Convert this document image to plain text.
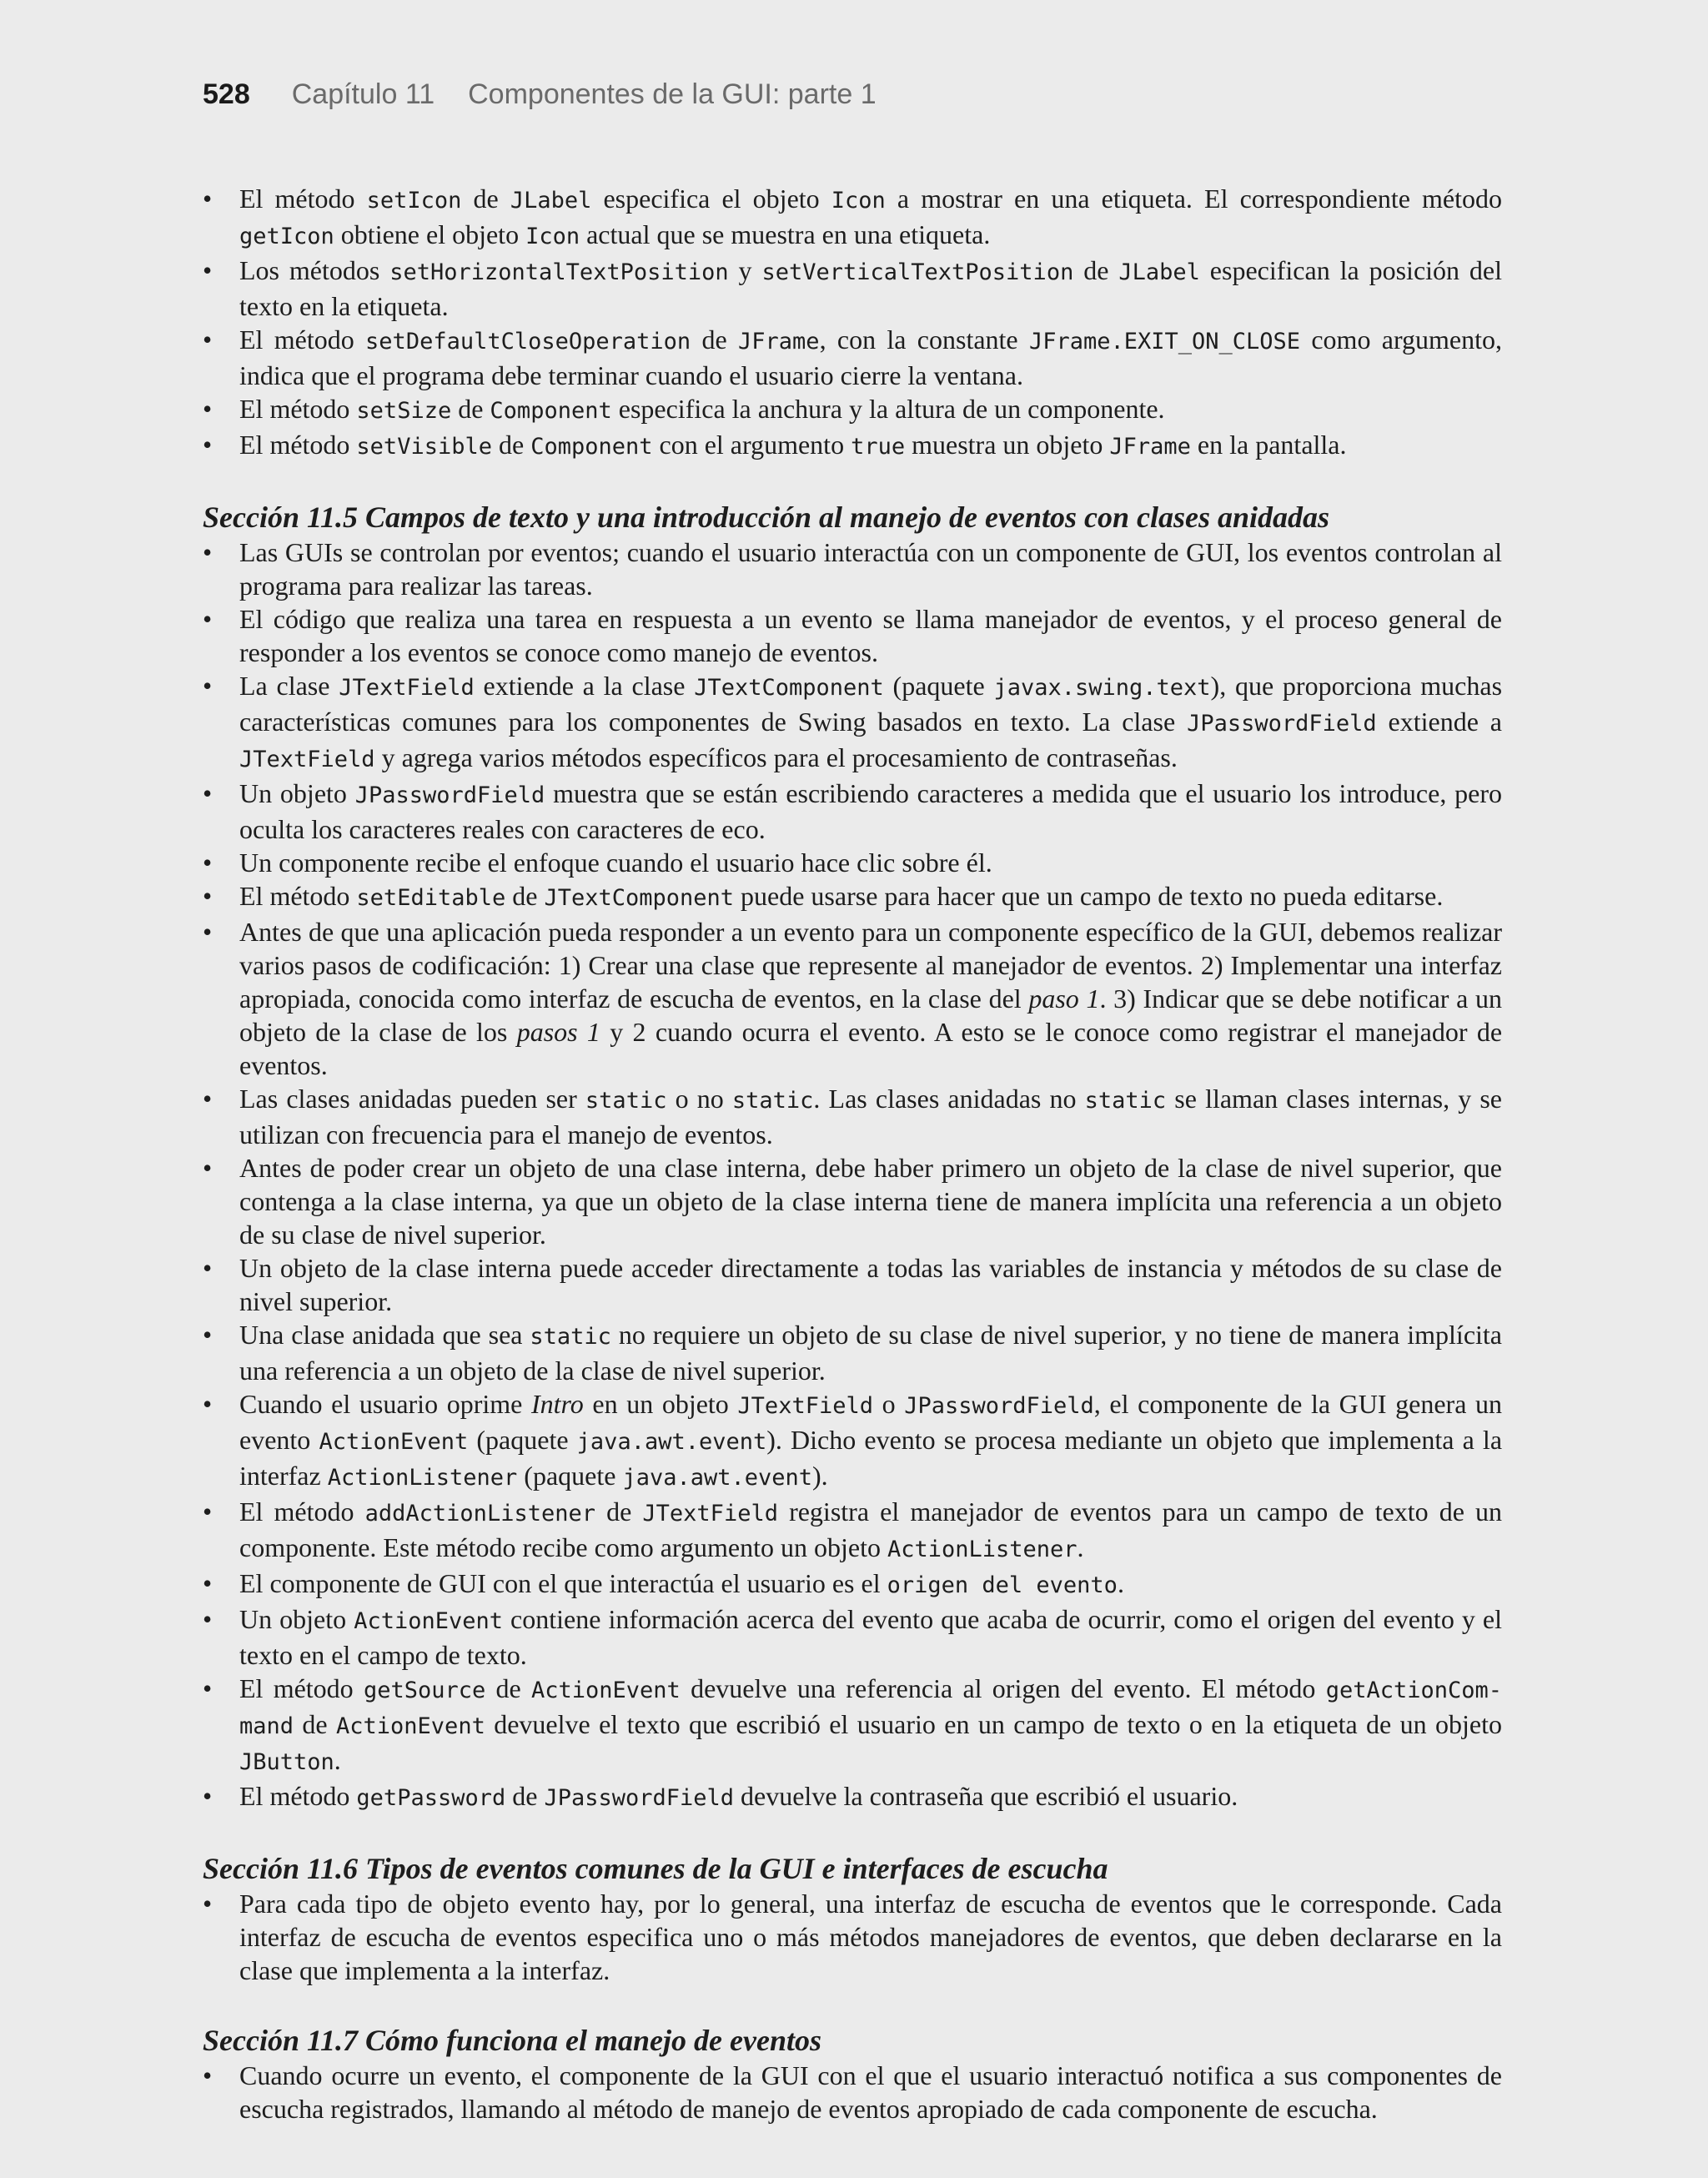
528 Capítulo 11 Componentes de la GUI: parte 1
• El método setIcon de JLabel especifica el objeto Icon a mostrar en una etiqueta. El correspondiente método getIcon obtiene el objeto Icon actual que se muestra en una etiqueta.
• Los métodos setHorizontalTextPosition y setVerticalTextPosition de JLabel especifican la posición del texto en la etiqueta.
• El método setDefaultCloseOperation de JFrame, con la constante JFrame.EXIT_ON_CLOSE como argumento, indica que el programa debe terminar cuando el usuario cierre la ventana.
• El método setSize de Component especifica la anchura y la altura de un componente.
• El método setVisible de Component con el argumento true muestra un objeto JFrame en la pantalla.
Sección 11.5 Campos de texto y una introducción al manejo de eventos con clases anidadas
• Las GUIs se controlan por eventos; cuando el usuario interactúa con un componente de GUI, los eventos controlan al programa para realizar las tareas.
• El código que realiza una tarea en respuesta a un evento se llama manejador de eventos, y el proceso general de responder a los eventos se conoce como manejo de eventos.
• La clase JTextField extiende a la clase JTextComponent (paquete javax.swing.text), que proporciona muchas características comunes para los componentes de Swing basados en texto. La clase JPasswordField extiende a JTextField y agrega varios métodos específicos para el procesamiento de contraseñas.
• Un objeto JPasswordField muestra que se están escribiendo caracteres a medida que el usuario los introduce, pero oculta los caracteres reales con caracteres de eco.
• Un componente recibe el enfoque cuando el usuario hace clic sobre él.
• El método setEditable de JTextComponent puede usarse para hacer que un campo de texto no pueda editarse.
• Antes de que una aplicación pueda responder a un evento para un componente específico de la GUI, debemos realizar varios pasos de codificación: 1) Crear una clase que represente al manejador de eventos. 2) Implementar una interfaz apropiada, conocida como interfaz de escucha de eventos, en la clase del paso 1. 3) Indicar que se debe notificar a un objeto de la clase de los pasos 1 y 2 cuando ocurra el evento. A esto se le conoce como registrar el manejador de eventos.
• Las clases anidadas pueden ser static o no static. Las clases anidadas no static se llaman clases internas, y se utilizan con frecuencia para el manejo de eventos.
• Antes de poder crear un objeto de una clase interna, debe haber primero un objeto de la clase de nivel superior, que contenga a la clase interna, ya que un objeto de la clase interna tiene de manera implícita una referencia a un objeto de su clase de nivel superior.
• Un objeto de la clase interna puede acceder directamente a todas las variables de instancia y métodos de su clase de nivel superior.
• Una clase anidada que sea static no requiere un objeto de su clase de nivel superior, y no tiene de manera implícita una referencia a un objeto de la clase de nivel superior.
• Cuando el usuario oprime Intro en un objeto JTextField o JPasswordField, el componente de la GUI genera un evento ActionEvent (paquete java.awt.event). Dicho evento se procesa mediante un objeto que implementa a la interfaz ActionListener (paquete java.awt.event).
• El método addActionListener de JTextField registra el manejador de eventos para un campo de texto de un componente. Este método recibe como argumento un objeto ActionListener.
• El componente de GUI con el que interactúa el usuario es el origen del evento.
• Un objeto ActionEvent contiene información acerca del evento que acaba de ocurrir, como el origen del evento y el texto en el campo de texto.
• El método getSource de ActionEvent devuelve una referencia al origen del evento. El método getActionCom-mand de ActionEvent devuelve el texto que escribió el usuario en un campo de texto o en la etiqueta de un objeto JButton.
• El método getPassword de JPasswordField devuelve la contraseña que escribió el usuario.
Sección 11.6 Tipos de eventos comunes de la GUI e interfaces de escucha
• Para cada tipo de objeto evento hay, por lo general, una interfaz de escucha de eventos que le corresponde. Cada interfaz de escucha de eventos especifica uno o más métodos manejadores de eventos, que deben declararse en la clase que implementa a la interfaz.
Sección 11.7 Cómo funciona el manejo de eventos
• Cuando ocurre un evento, el componente de la GUI con el que el usuario interactuó notifica a sus componentes de escucha registrados, llamando al método de manejo de eventos apropiado de cada componente de escucha.
